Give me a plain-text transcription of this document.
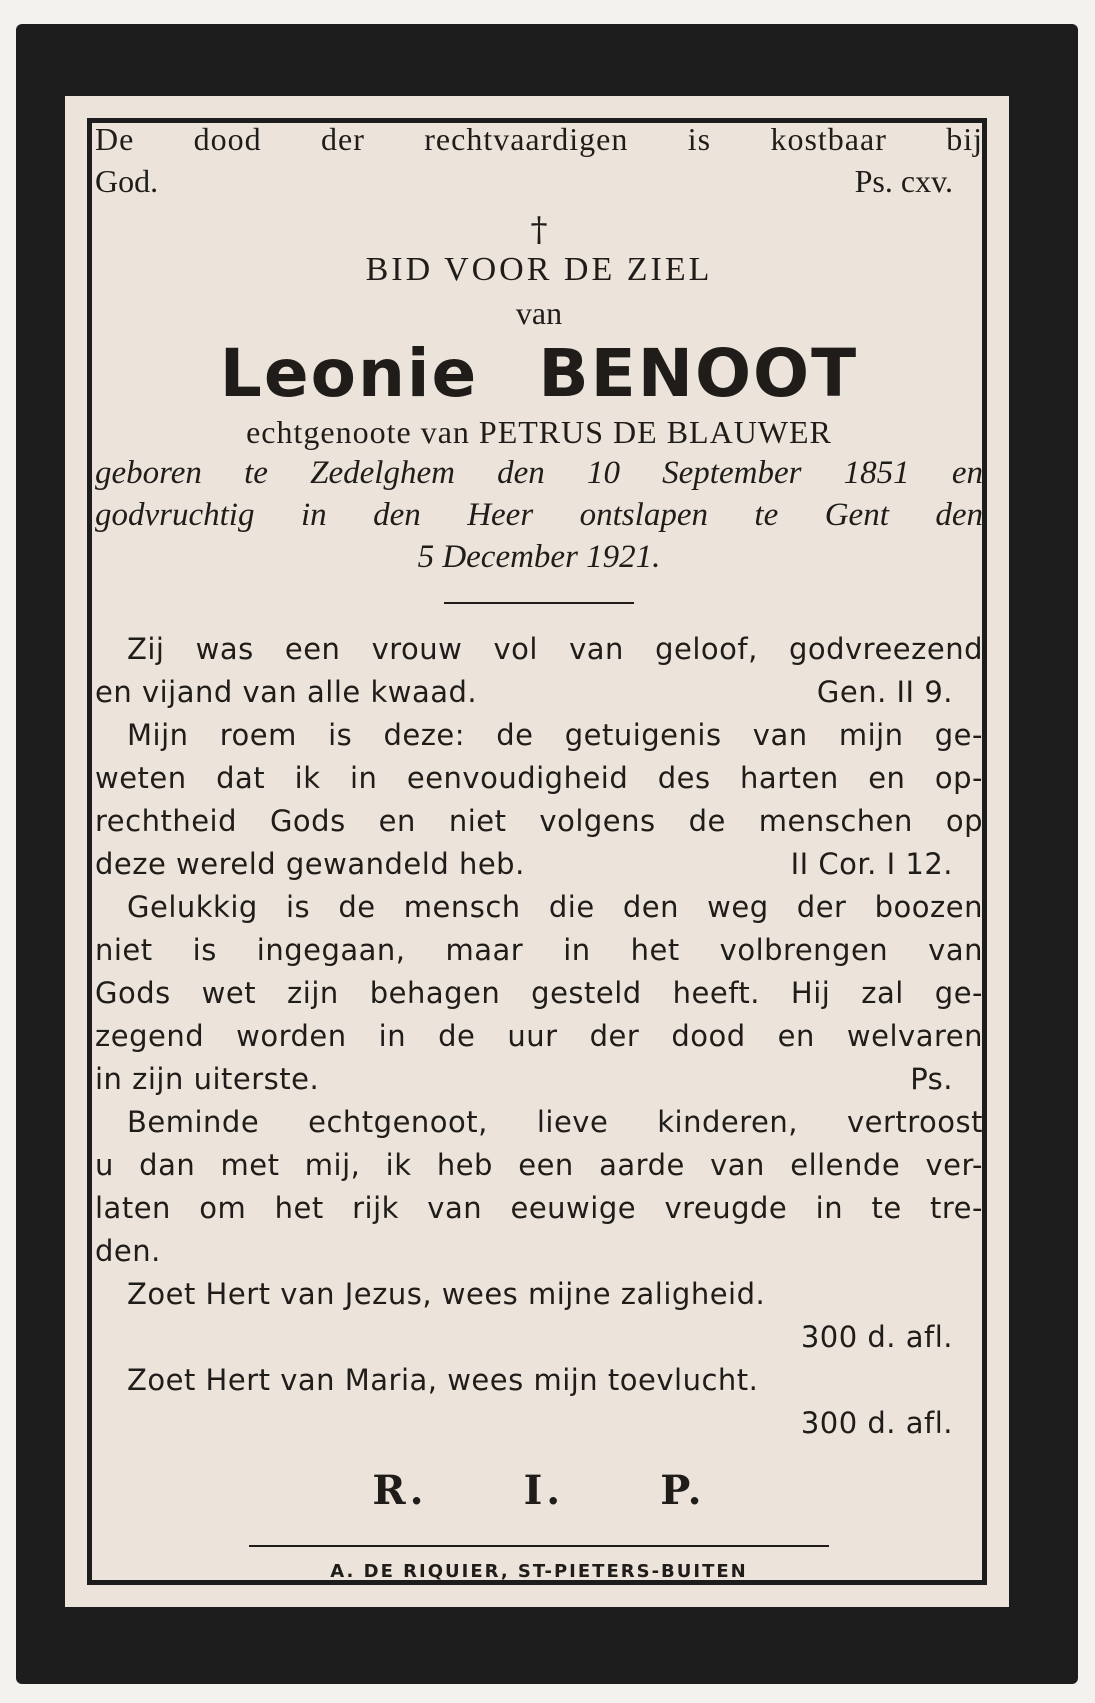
De dood der rechtvaardigen is kostbaar bij
God.	Ps. cxv.
†
BID VOOR DE ZIEL
van
Leonie BENOOT
echtgenoote van PETRUS DE BLAUWER
geboren te Zedelghem den 10 September 1851 en
godvruchtig in den Heer ontslapen te Gent den
5 December 1921.
Zij was een vrouw vol van geloof, godvreezend
en vijand van alle kwaad.	Gen. II 9.
Mijn roem is deze: de getuigenis van mijn ge-
weten dat ik in eenvoudigheid des harten en op-
rechtheid Gods en niet volgens de menschen op
deze wereld gewandeld heb.	II Cor. I 12.
Gelukkig is de mensch die den weg der boozen
niet is ingegaan, maar in het volbrengen van
Gods wet zijn behagen gesteld heeft. Hij zal ge-
zegend worden in de uur der dood en welvaren
in zijn uiterste.	Ps.
Beminde echtgenoot, lieve kinderen, vertroost
u dan met mij, ik heb een aarde van ellende ver-
laten om het rijk van eeuwige vreugde in te tre-
den.
Zoet Hert van Jezus, wees mijne zaligheid.
300 d. afl.
Zoet Hert van Maria, wees mijn toevlucht.
300 d. afl.
R. I. P.
A. DE RIQUIER, ST-PIETERS-BUITEN
